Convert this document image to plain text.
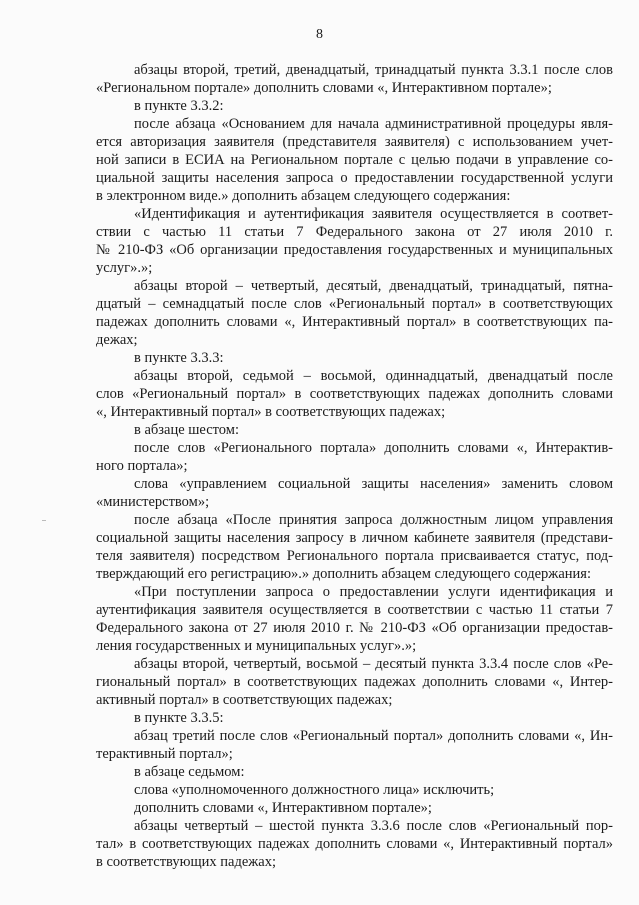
8
абзацы второй, третий, двенадцатый, тринадцатый пункта 3.3.1 после слов
«Региональном портале» дополнить словами «, Интерактивном портале»;
в пункте 3.3.2:
после абзаца «Основанием для начала административной процедуры явля-
ется авторизация заявителя (представителя заявителя) с использованием учет-
ной записи в ЕСИА на Региональном портале с целью подачи в управление со-
циальной защиты населения запроса о предоставлении государственной услуги
в электронном виде.» дополнить абзацем следующего содержания:
«Идентификация и аутентификация заявителя осуществляется в соответ-
ствии с частью 11 статьи 7 Федерального закона от 27 июля 2010 г.
№ 210-ФЗ «Об организации предоставления государственных и муниципальных
услуг».»;
абзацы второй – четвертый, десятый, двенадцатый, тринадцатый, пятна-
дцатый – семнадцатый после слов «Региональный портал» в соответствующих
падежах дополнить словами «, Интерактивный портал» в соответствующих па-
дежах;
в пункте 3.3.3:
абзацы второй, седьмой – восьмой, одиннадцатый, двенадцатый после
слов «Региональный портал» в соответствующих падежах дополнить словами
«, Интерактивный портал» в соответствующих падежах;
в абзаце шестом:
после слов «Регионального портала» дополнить словами «, Интерактив-
ного портала»;
слова «управлением социальной защиты населения» заменить словом
«министерством»;
после абзаца «После принятия запроса должностным лицом управления
социальной защиты населения запросу в личном кабинете заявителя (представи-
теля заявителя) посредством Регионального портала присваивается статус, под-
тверждающий его регистрацию».» дополнить абзацем следующего содержания:
«При поступлении запроса о предоставлении услуги идентификация и
аутентификация заявителя осуществляется в соответствии с частью 11 статьи 7
Федерального закона от 27 июля 2010 г. № 210-ФЗ «Об организации предостав-
ления государственных и муниципальных услуг».»;
абзацы второй, четвертый, восьмой – десятый пункта 3.3.4 после слов «Ре-
гиональный портал» в соответствующих падежах дополнить словами «, Интер-
активный портал» в соответствующих падежах;
в пункте 3.3.5:
абзац третий после слов «Региональный портал» дополнить словами «, Ин-
терактивный портал»;
в абзаце седьмом:
слова «уполномоченного должностного лица» исключить;
дополнить словами «, Интерактивном портале»;
абзацы четвертый – шестой пункта 3.3.6 после слов «Региональный пор-
тал» в соответствующих падежах дополнить словами «, Интерактивный портал»
в соответствующих падежах;
